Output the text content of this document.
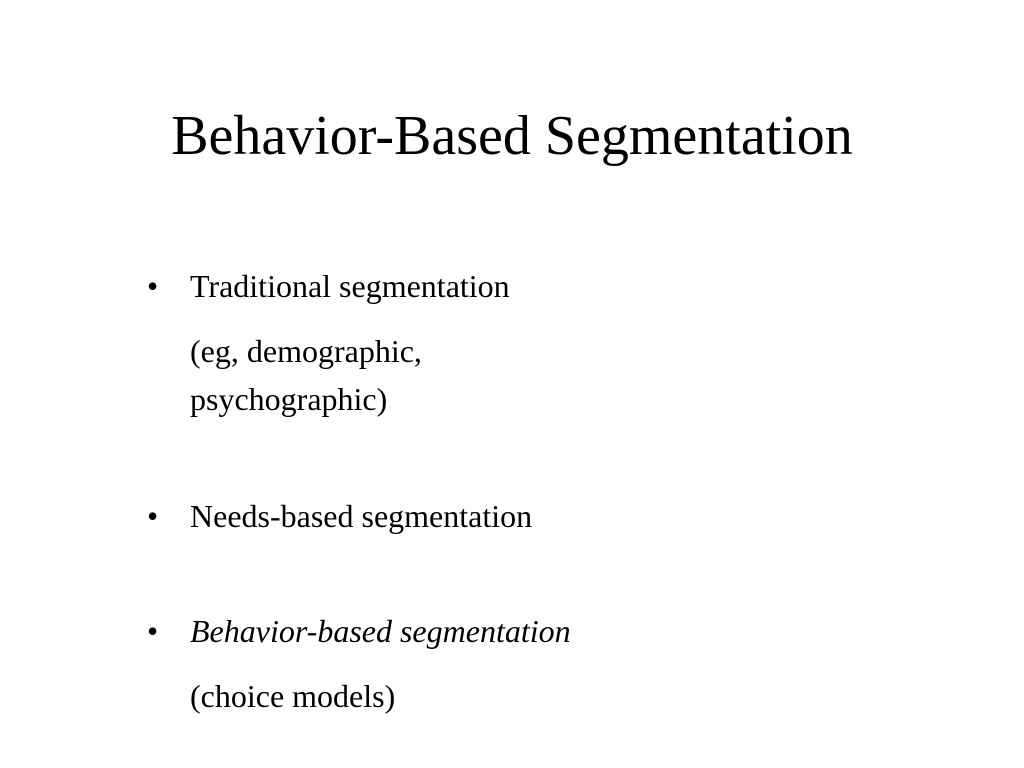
Behavior-Based Segmentation
• Traditional segmentation
(eg, demographic,
psychographic)
• Needs-based segmentation
• Behavior-based segmentation
(choice models)
